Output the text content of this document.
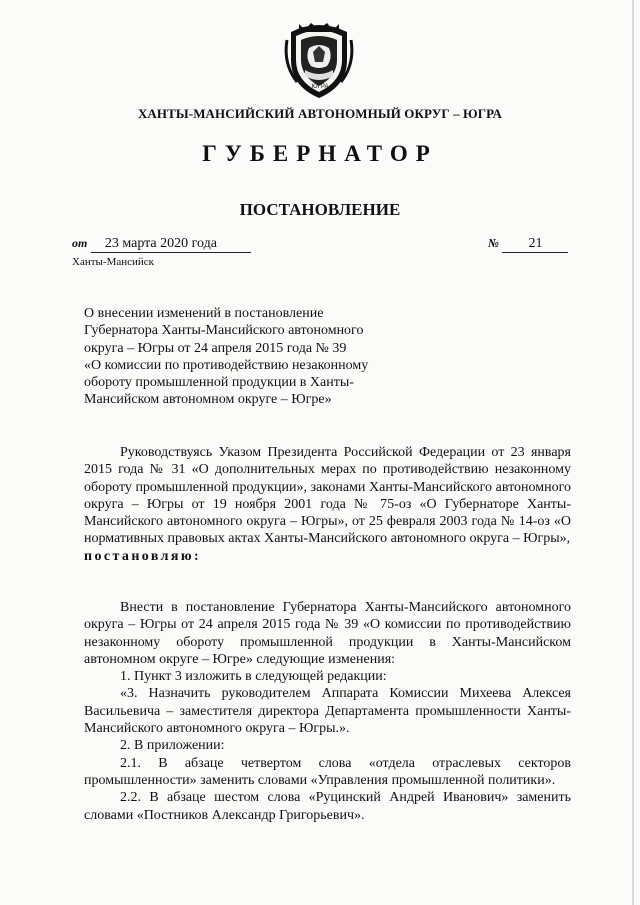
ЮГРА
ХАНТЫ-МАНСИЙСКИЙ АВТОНОМНЫЙ ОКРУГ – ЮГРА
ГУБЕРНАТОР
ПОСТАНОВЛЕНИЕ
от 23 марта 2020 года	№ 21
Ханты-Мансийск
О внесении изменений в постановление
Губернатора Ханты-Мансийского автономного
округа – Югры от 24 апреля 2015 года № 39
«О комиссии по противодействию незаконному
обороту промышленной продукции в Ханты-
Мансийском автономном округе – Югре»

Руководствуясь Указом Президента Российской Федерации от 23 января 2015 года № 31 «О дополнительных мерах по противодействию незаконному обороту промышленной продукции», законами Ханты-Мансийского автономного округа – Югры от 19 ноября 2001 года № 75-оз «О Губернаторе Ханты-Мансийского автономного округа – Югры», от 25 февраля 2003 года № 14-оз «О нормативных правовых актах Ханты-Мансийского автономного округа – Югры»,

постановляю:

Внести в постановление Губернатора Ханты-Мансийского автономного округа – Югры от 24 апреля 2015 года № 39 «О комиссии по противодействию незаконному обороту промышленной продукции в Ханты-Мансийском автономном округе – Югре» следующие изменения:

1. Пункт 3 изложить в следующей редакции:

«3. Назначить руководителем Аппарата Комиссии Михеева Алексея Васильевича – заместителя директора Департамента промышленности Ханты-Мансийского автономного округа – Югры.».

2. В приложении:

2.1. В абзаце четвертом слова «отдела отраслевых секторов промышленности» заменить словами «Управления промышленной политики».

2.2. В абзаце шестом слова «Руцинский Андрей Иванович» заменить словами «Постников Александр Григорьевич».
